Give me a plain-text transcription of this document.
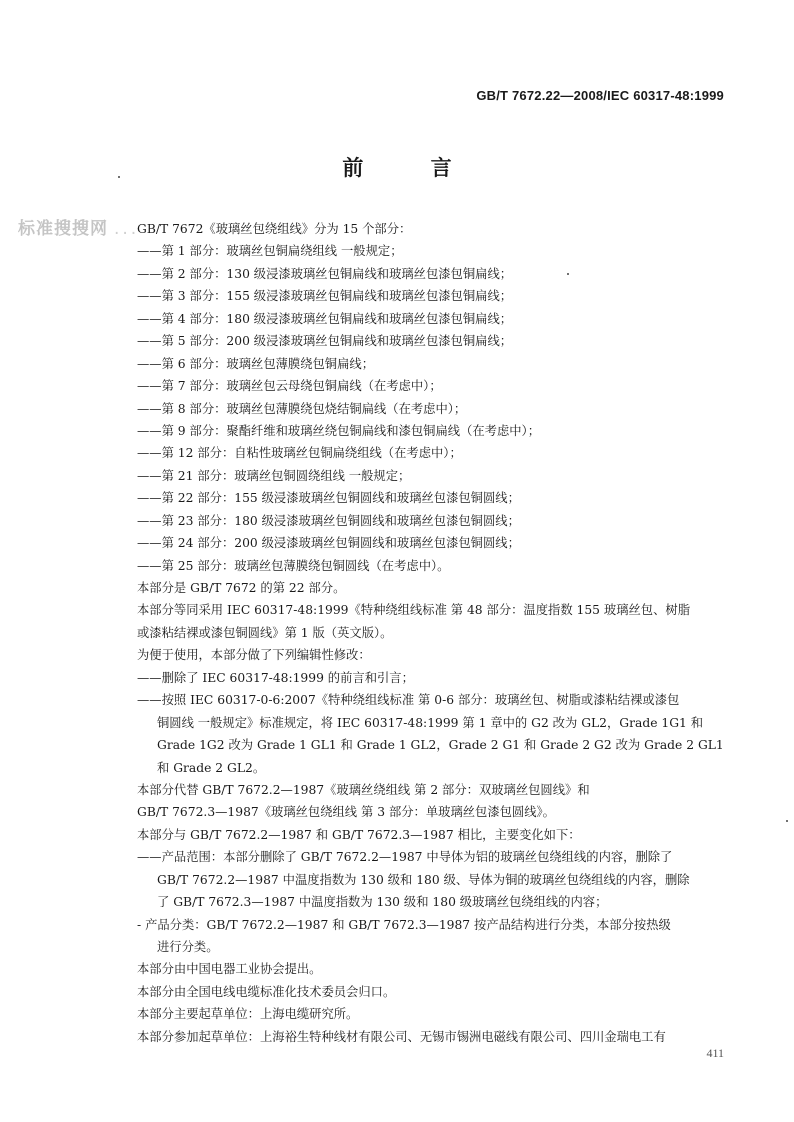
GB/T 7672.22—2008/IEC 60317-48:1999
前 言
标准搜搜网 ...
GB/T 7672《玻璃丝包绕组线》分为 15 个部分：
——第 1 部分：玻璃丝包铜扁绕组线 一般规定；
——第 2 部分：130 级浸漆玻璃丝包铜扁线和玻璃丝包漆包铜扁线；
——第 3 部分：155 级浸漆玻璃丝包铜扁线和玻璃丝包漆包铜扁线；
——第 4 部分：180 级浸漆玻璃丝包铜扁线和玻璃丝包漆包铜扁线；
——第 5 部分：200 级浸漆玻璃丝包铜扁线和玻璃丝包漆包铜扁线；
——第 6 部分：玻璃丝包薄膜绕包铜扁线；
——第 7 部分：玻璃丝包云母绕包铜扁线（在考虑中）；
——第 8 部分：玻璃丝包薄膜绕包烧结铜扁线（在考虑中）；
——第 9 部分：聚酯纤维和玻璃丝绕包铜扁线和漆包铜扁线（在考虑中）；
——第 12 部分：自粘性玻璃丝包铜扁绕组线（在考虑中）；
——第 21 部分：玻璃丝包铜圆绕组线 一般规定；
——第 22 部分：155 级浸漆玻璃丝包铜圆线和玻璃丝包漆包铜圆线；
——第 23 部分：180 级浸漆玻璃丝包铜圆线和玻璃丝包漆包铜圆线；
——第 24 部分：200 级浸漆玻璃丝包铜圆线和玻璃丝包漆包铜圆线；
——第 25 部分：玻璃丝包薄膜绕包铜圆线（在考虑中）。
本部分是 GB/T 7672 的第 22 部分。
本部分等同采用 IEC 60317-48:1999《特种绕组线标准 第 48 部分：温度指数 155 玻璃丝包、树脂
或漆粘结裸或漆包铜圆线》第 1 版（英文版）。
为便于使用，本部分做了下列编辑性修改：
——删除了 IEC 60317-48:1999 的前言和引言；
——按照 IEC 60317-0-6:2007《特种绕组线标准 第 0-6 部分：玻璃丝包、树脂或漆粘结裸或漆包
铜圆线 一般规定》标准规定，将 IEC 60317-48:1999 第 1 章中的 G2 改为 GL2，Grade 1G1 和
Grade 1G2 改为 Grade 1 GL1 和 Grade 1 GL2，Grade 2 G1 和 Grade 2 G2 改为 Grade 2 GL1
和 Grade 2 GL2。
本部分代替 GB/T 7672.2—1987《玻璃丝绕组线 第 2 部分：双玻璃丝包圆线》和
GB/T 7672.3—1987《玻璃丝包绕组线 第 3 部分：单玻璃丝包漆包圆线》。
本部分与 GB/T 7672.2—1987 和 GB/T 7672.3—1987 相比，主要变化如下：
——产品范围：本部分删除了 GB/T 7672.2—1987 中导体为铝的玻璃丝包绕组线的内容，删除了
GB/T 7672.2—1987 中温度指数为 130 级和 180 级、导体为铜的玻璃丝包绕组线的内容，删除
了 GB/T 7672.3—1987 中温度指数为 130 级和 180 级玻璃丝包绕组线的内容；
- 产品分类：GB/T 7672.2—1987 和 GB/T 7672.3—1987 按产品结构进行分类，本部分按热级
进行分类。
本部分由中国电器工业协会提出。
本部分由全国电线电缆标准化技术委员会归口。
本部分主要起草单位：上海电缆研究所。
本部分参加起草单位：上海裕生特种线材有限公司、无锡市锡洲电磁线有限公司、四川金瑞电工有
411
